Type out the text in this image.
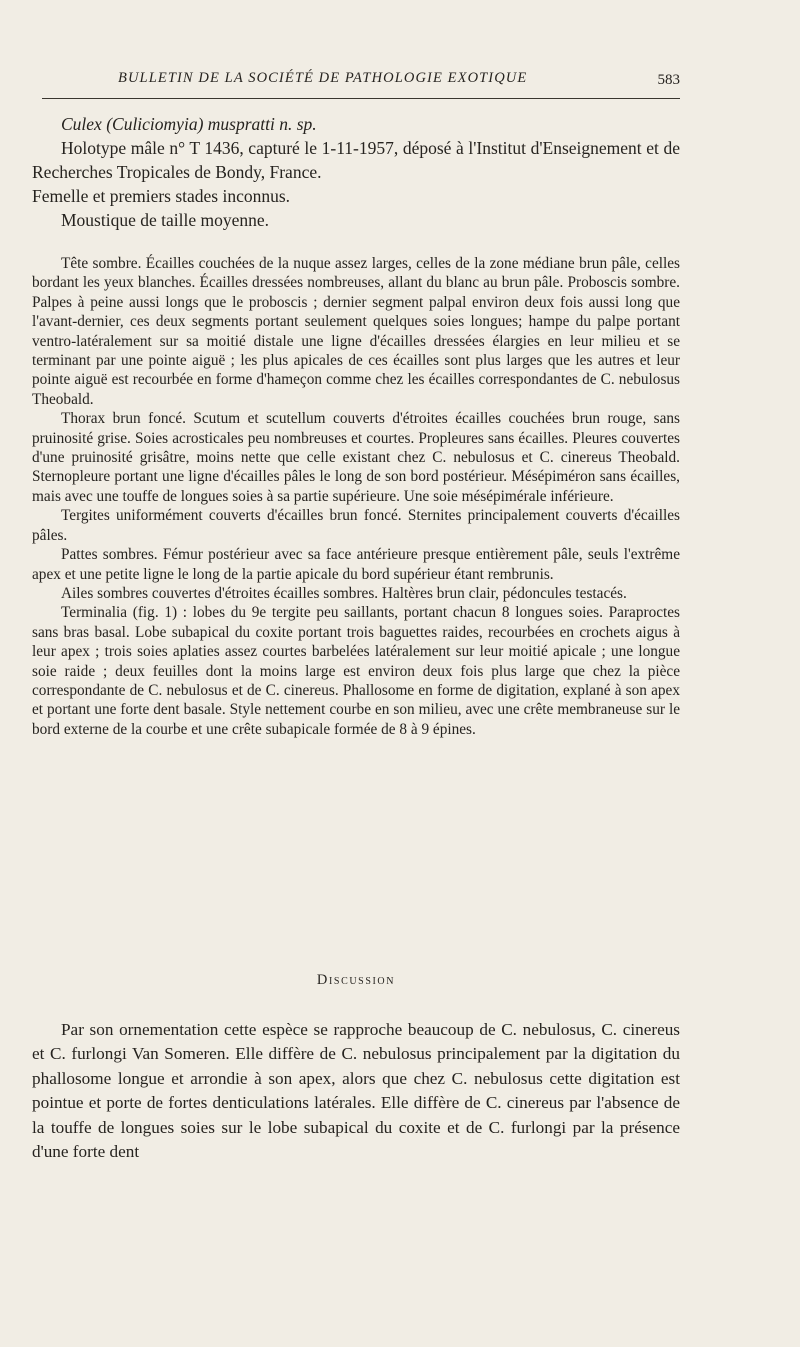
BULLETIN DE LA SOCIÉTÉ DE PATHOLOGIE EXOTIQUE	583

Culex (Culiciomyia) muspratti n. sp.

Holotype mâle n° T 1436, capturé le 1-11-1957, déposé à l'Institut d'Enseignement et de Recherches Tropicales de Bondy, France.

Femelle et premiers stades inconnus.

Moustique de taille moyenne.

Tête sombre. Écailles couchées de la nuque assez larges, celles de la zone médiane brun pâle, celles bordant les yeux blanches. Écailles dressées nombreuses, allant du blanc au brun pâle. Proboscis sombre. Palpes à peine aussi longs que le proboscis ; dernier segment palpal environ deux fois aussi long que l'avant-dernier, ces deux segments portant seulement quelques soies longues; hampe du palpe portant ventro-latéralement sur sa moitié distale une ligne d'écailles dressées élargies en leur milieu et se terminant par une pointe aiguë ; les plus apicales de ces écailles sont plus larges que les autres et leur pointe aiguë est recourbée en forme d'hameçon comme chez les écailles correspondantes de C. nebulosus Theobald.

Thorax brun foncé. Scutum et scutellum couverts d'étroites écailles couchées brun rouge, sans pruinosité grise. Soies acrosticales peu nombreuses et courtes. Propleures sans écailles. Pleures couvertes d'une pruinosité grisâtre, moins nette que celle existant chez C. nebulosus et C. cinereus Theobald. Sternopleure portant une ligne d'écailles pâles le long de son bord postérieur. Mésépiméron sans écailles, mais avec une touffe de longues soies à sa partie supérieure. Une soie mésépimérale inférieure.

Tergites uniformément couverts d'écailles brun foncé. Sternites principalement couverts d'écailles pâles.

Pattes sombres. Fémur postérieur avec sa face antérieure presque entièrement pâle, seuls l'extrême apex et une petite ligne le long de la partie apicale du bord supérieur étant rembrunis.

Ailes sombres couvertes d'étroites écailles sombres. Haltères brun clair, pédoncules testacés.

Terminalia (fig. 1) : lobes du 9e tergite peu saillants, portant chacun 8 longues soies. Paraproctes sans bras basal. Lobe subapical du coxite portant trois baguettes raides, recourbées en crochets aigus à leur apex ; trois soies aplaties assez courtes barbelées latéralement sur leur moitié apicale ; une longue soie raide ; deux feuilles dont la moins large est environ deux fois plus large que chez la pièce correspondante de C. nebulosus et de C. cinereus. Phallosome en forme de digitation, explané à son apex et portant une forte dent basale. Style nettement courbe en son milieu, avec une crête membraneuse sur le bord externe de la courbe et une crête subapicale formée de 8 à 9 épines.

Discussion

Par son ornementation cette espèce se rapproche beaucoup de C. nebulosus, C. cinereus et C. furlongi Van Someren. Elle diffère de C. nebulosus principalement par la digitation du phallosome longue et arrondie à son apex, alors que chez C. nebulosus cette digitation est pointue et porte de fortes denticulations latérales. Elle diffère de C. cinereus par l'absence de la touffe de longues soies sur le lobe subapical du coxite et de C. furlongi par la présence d'une forte dent
